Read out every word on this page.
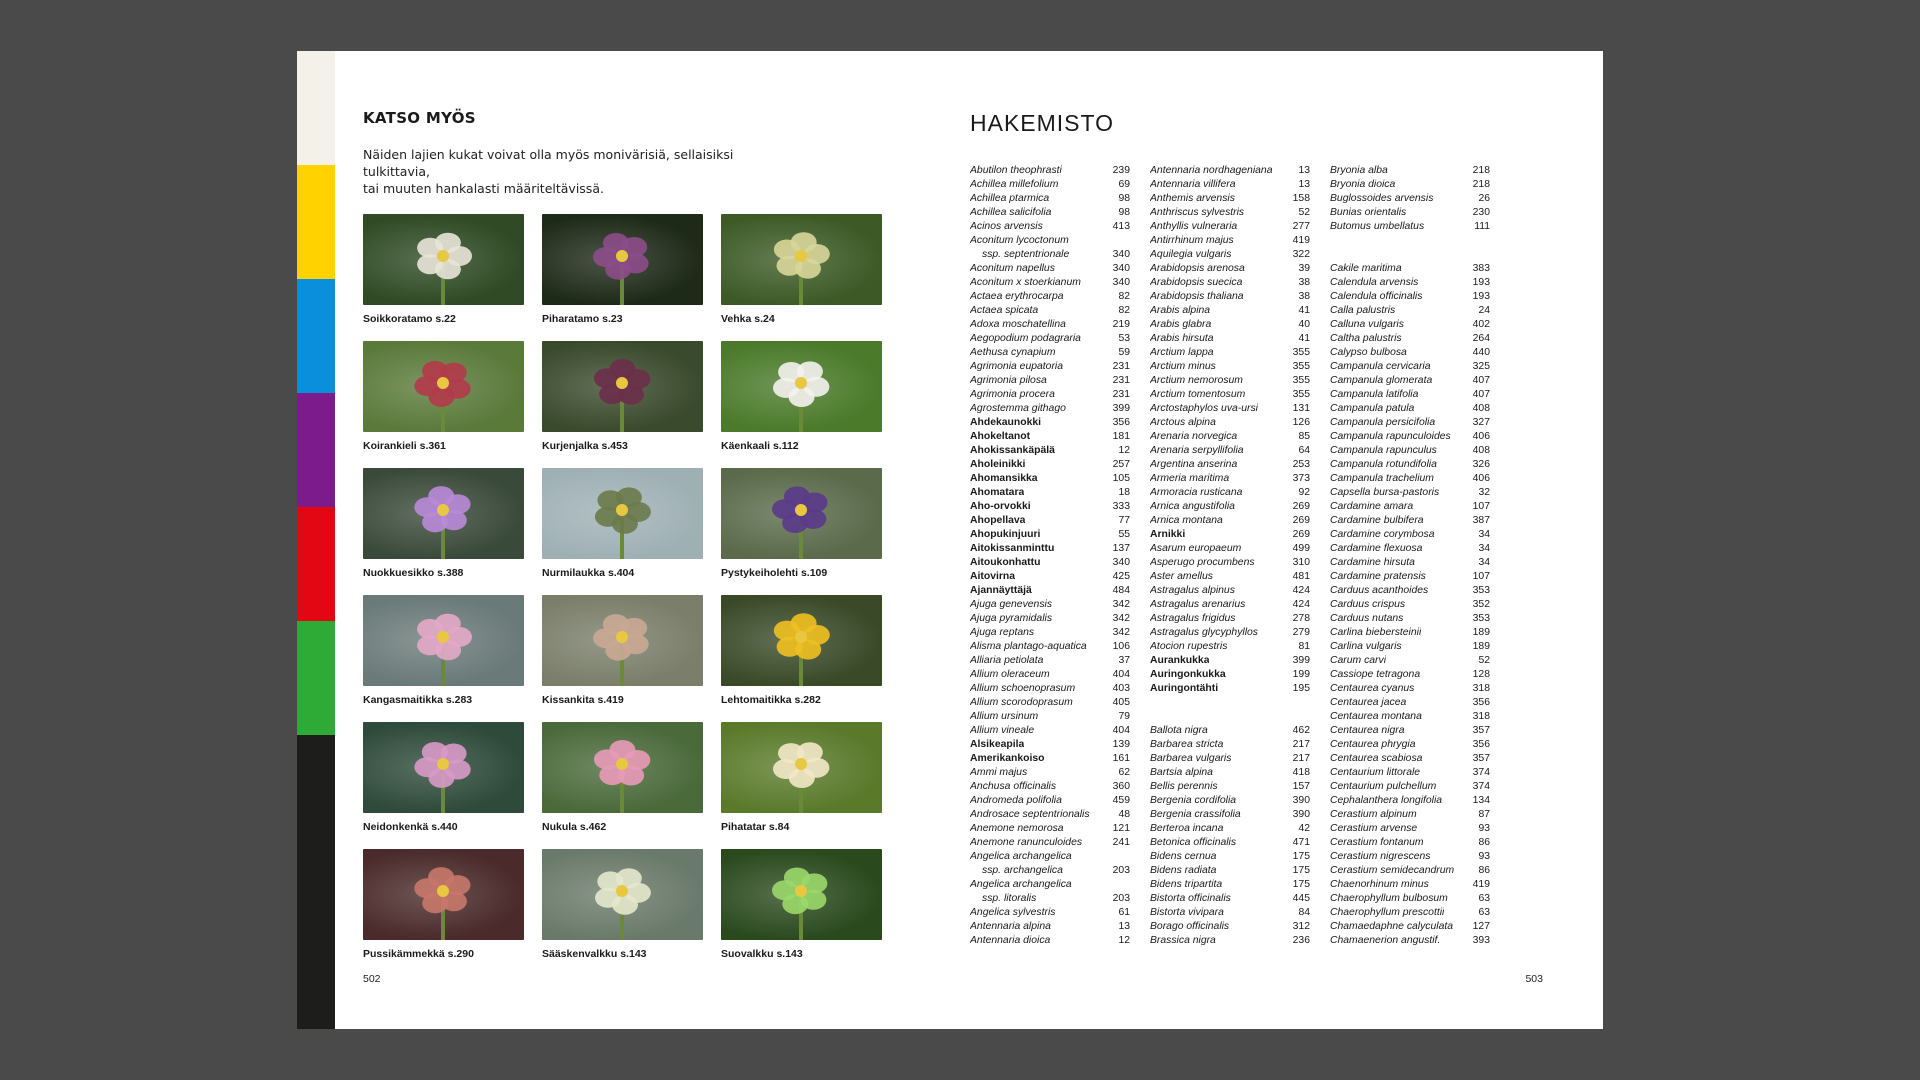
KATSO MYÖS
Näiden lajien kukat voivat olla myös monivärisiä, sellaisiksi tulkittavia,
tai muuten hankalasti määriteltävissä.
Soikkoratamo s.22	Piharatamo s.23	Vehka s.24
Koirankieli s.361	Kurjenjalka s.453	Käenkaali s.112
Nuokkuesikko s.388	Nurmilaukka s.404	Pystykeiholehti s.109
Kangasmaitikka s.283	Kissankita s.419	Lehtomaitikka s.282
Neidonkenkä s.440	Nukula s.462	Pihatatar s.84
Pussikämmekkä s.290	Sääskenvalkku s.143	Suovalkku s.143
502
HAKEMISTO
Abutilon theophrasti	239
Achillea millefolium	69
Achillea ptarmica	98
Achillea salicifolia	98
Acinos arvensis	413
Aconitum lycoctonum
ssp. septentrionale	340
Aconitum napellus	340
Aconitum x stoerkianum	340
Actaea erythrocarpa	82
Actaea spicata	82
Adoxa moschatellina	219
Aegopodium podagraria	53
Aethusa cynapium	59
Agrimonia eupatoria	231
Agrimonia pilosa	231
Agrimonia procera	231
Agrostemma githago	399
Ahdekaunokki	356
Ahokeltanot	181
Ahokissankäpälä	12
Aholeinikki	257
Ahomansikka	105
Ahomatara	18
Aho-orvokki	333
Ahopellava	77
Ahopukinjuuri	55
Aitokissanminttu	137
Aitoukonhattu	340
Aitovirna	425
Ajannäyttäjä	484
Ajuga genevensis	342
Ajuga pyramidalis	342
Ajuga reptans	342
Alisma plantago-aquatica	106
Alliaria petiolata	37
Allium oleraceum	404
Allium schoenoprasum	403
Allium scorodoprasum	405
Allium ursinum	79
Allium vineale	404
Alsikeapila	139
Amerikankoiso	161
Ammi majus	62
Anchusa officinalis	360
Andromeda polifolia	459
Androsace septentrionalis	48
Anemone nemorosa	121
Anemone ranunculoides	241
Angelica archangelica
ssp. archangelica	203
Angelica archangelica
ssp. litoralis	203
Angelica sylvestris	61
Antennaria alpina	13
Antennaria dioica	12
Antennaria nordhageniana	13
Antennaria villifera	13
Anthemis arvensis	158
Anthriscus sylvestris	52
Anthyllis vulneraria	277
Antirrhinum majus	419
Aquilegia vulgaris	322
Arabidopsis arenosa	39
Arabidopsis suecica	38
Arabidopsis thaliana	38
Arabis alpina	41
Arabis glabra	40
Arabis hirsuta	41
Arctium lappa	355
Arctium minus	355
Arctium nemorosum	355
Arctium tomentosum	355
Arctostaphylos uva-ursi	131
Arctous alpina	126
Arenaria norvegica	85
Arenaria serpyllifolia	64
Argentina anserina	253
Armeria maritima	373
Armoracia rusticana	92
Arnica angustifolia	269
Arnica montana	269
Arnikki	269
Asarum europaeum	499
Asperugo procumbens	310
Aster amellus	481
Astragalus alpinus	424
Astragalus arenarius	424
Astragalus frigidus	278
Astragalus glycyphyllos	279
Atocion rupestris	81
Aurankukka	399
Auringonkukka	199
Auringontähti	195
Ballota nigra	462
Barbarea stricta	217
Barbarea vulgaris	217
Bartsia alpina	418
Bellis perennis	157
Bergenia cordifolia	390
Bergenia crassifolia	390
Berteroa incana	42
Betonica officinalis	471
Bidens cernua	175
Bidens radiata	175
Bidens tripartita	175
Bistorta officinalis	445
Bistorta vivipara	84
Borago officinalis	312
Brassica nigra	236
Bryonia alba	218
Bryonia dioica	218
Buglossoides arvensis	26
Bunias orientalis	230
Butomus umbellatus	111
Cakile maritima	383
Calendula arvensis	193
Calendula officinalis	193
Calla palustris	24
Calluna vulgaris	402
Caltha palustris	264
Calypso bulbosa	440
Campanula cervicaria	325
Campanula glomerata	407
Campanula latifolia	407
Campanula patula	408
Campanula persicifolia	327
Campanula rapunculoides	406
Campanula rapunculus	408
Campanula rotundifolia	326
Campanula trachelium	406
Capsella bursa-pastoris	32
Cardamine amara	107
Cardamine bulbifera	387
Cardamine corymbosa	34
Cardamine flexuosa	34
Cardamine hirsuta	34
Cardamine pratensis	107
Carduus acanthoides	353
Carduus crispus	352
Carduus nutans	353
Carlina biebersteinii	189
Carlina vulgaris	189
Carum carvi	52
Cassiope tetragona	128
Centaurea cyanus	318
Centaurea jacea	356
Centaurea montana	318
Centaurea nigra	357
Centaurea phrygia	356
Centaurea scabiosa	357
Centaurium littorale	374
Centaurium pulchellum	374
Cephalanthera longifolia	134
Cerastium alpinum	87
Cerastium arvense	93
Cerastium fontanum	86
Cerastium nigrescens	93
Cerastium semidecandrum	86
Chaenorhinum minus	419
Chaerophyllum bulbosum	63
Chaerophyllum prescottii	63
Chamaedaphne calyculata	127
Chamaenerion angustif.	393
503
